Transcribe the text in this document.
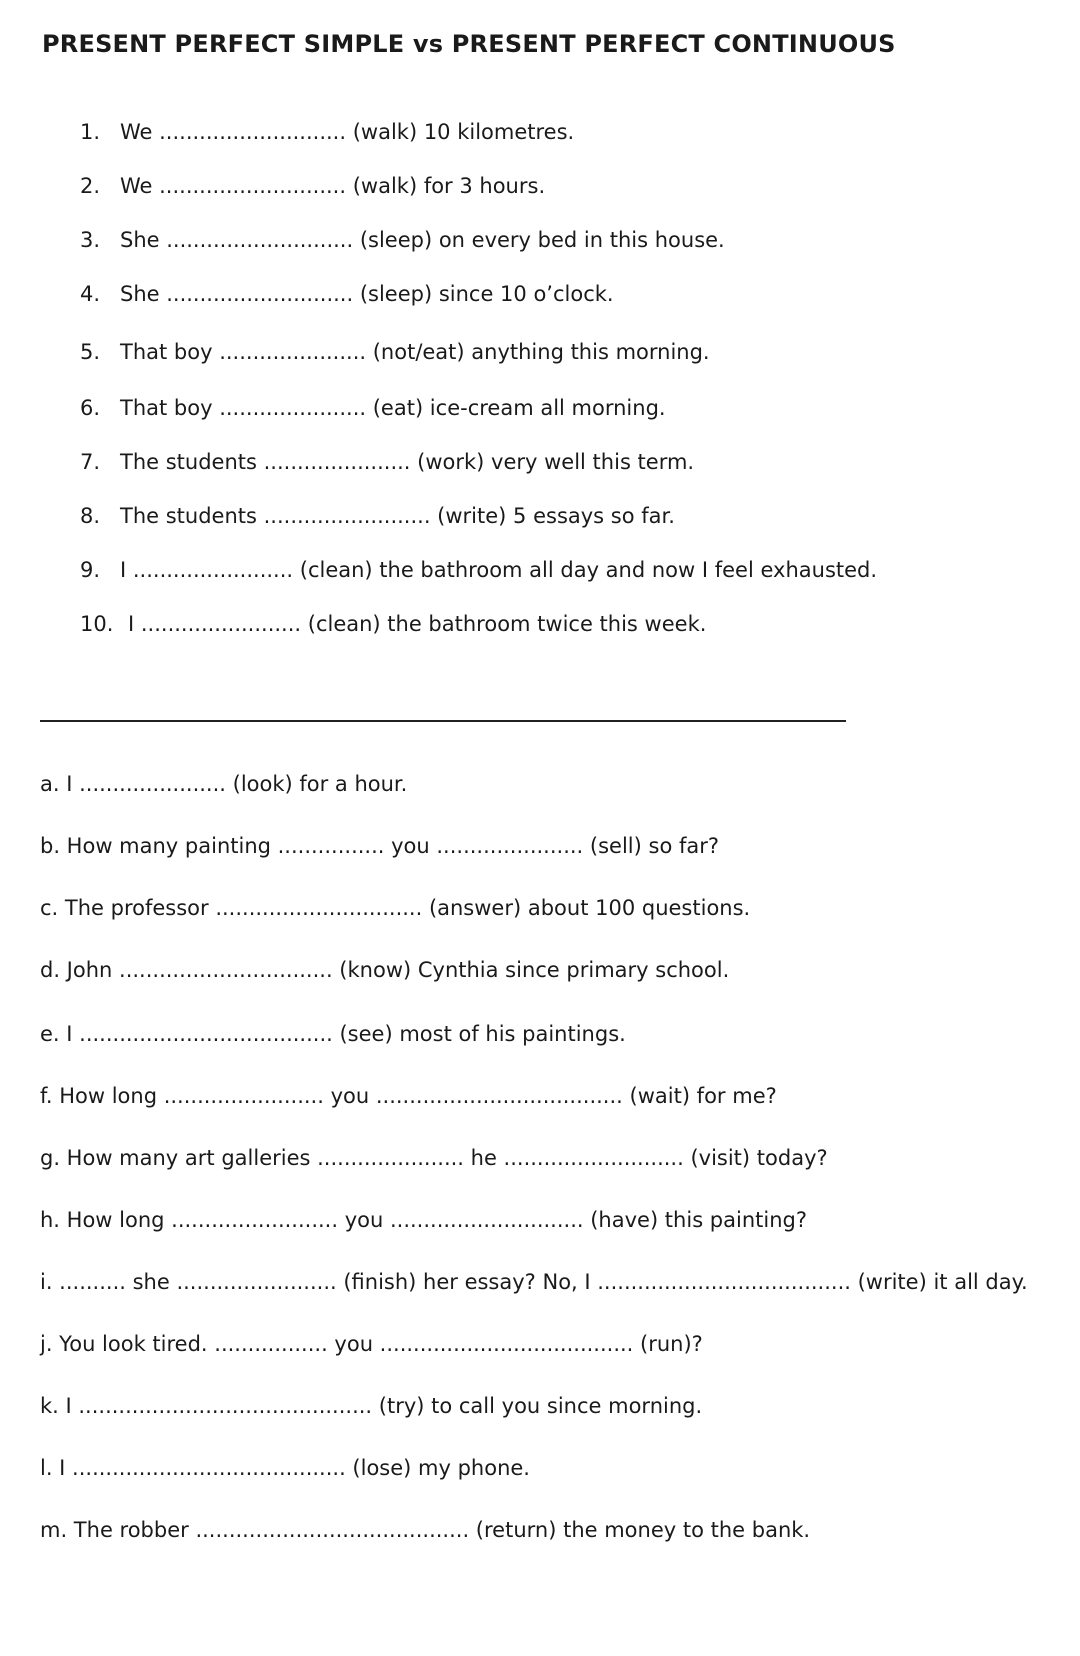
PRESENT PERFECT SIMPLE vs PRESENT PERFECT CONTINUOUS
1. We ............................ (walk) 10 kilometres.
2. We ............................ (walk) for 3 hours.
3. She ............................ (sleep) on every bed in this house.
4. She ............................ (sleep) since 10 o’clock.
5. That boy ...................... (not/eat) anything this morning.
6. That boy ...................... (eat) ice-cream all morning.
7. The students ...................... (work) very well this term.
8. The students ......................... (write) 5 essays so far.
9. I ........................ (clean) the bathroom all day and now I feel exhausted.
10. I ........................ (clean) the bathroom twice this week.
a. I ...................... (look) for a hour.
b. How many painting ................ you ...................... (sell) so far?
c. The professor ............................... (answer) about 100 questions.
d. John ................................ (know) Cynthia since primary school.
e. I ...................................... (see) most of his paintings.
f. How long ........................ you ..................................... (wait) for me?
g. How many art galleries ...................... he ........................... (visit) today?
h. How long ......................... you ............................. (have) this painting?
i. .......... she ........................ (finish) her essay? No, I ...................................... (write) it all day.
j. You look tired. ................. you ...................................... (run)?
k. I ............................................ (try) to call you since morning.
l. I ......................................... (lose) my phone.
m. The robber ......................................... (return) the money to the bank.
